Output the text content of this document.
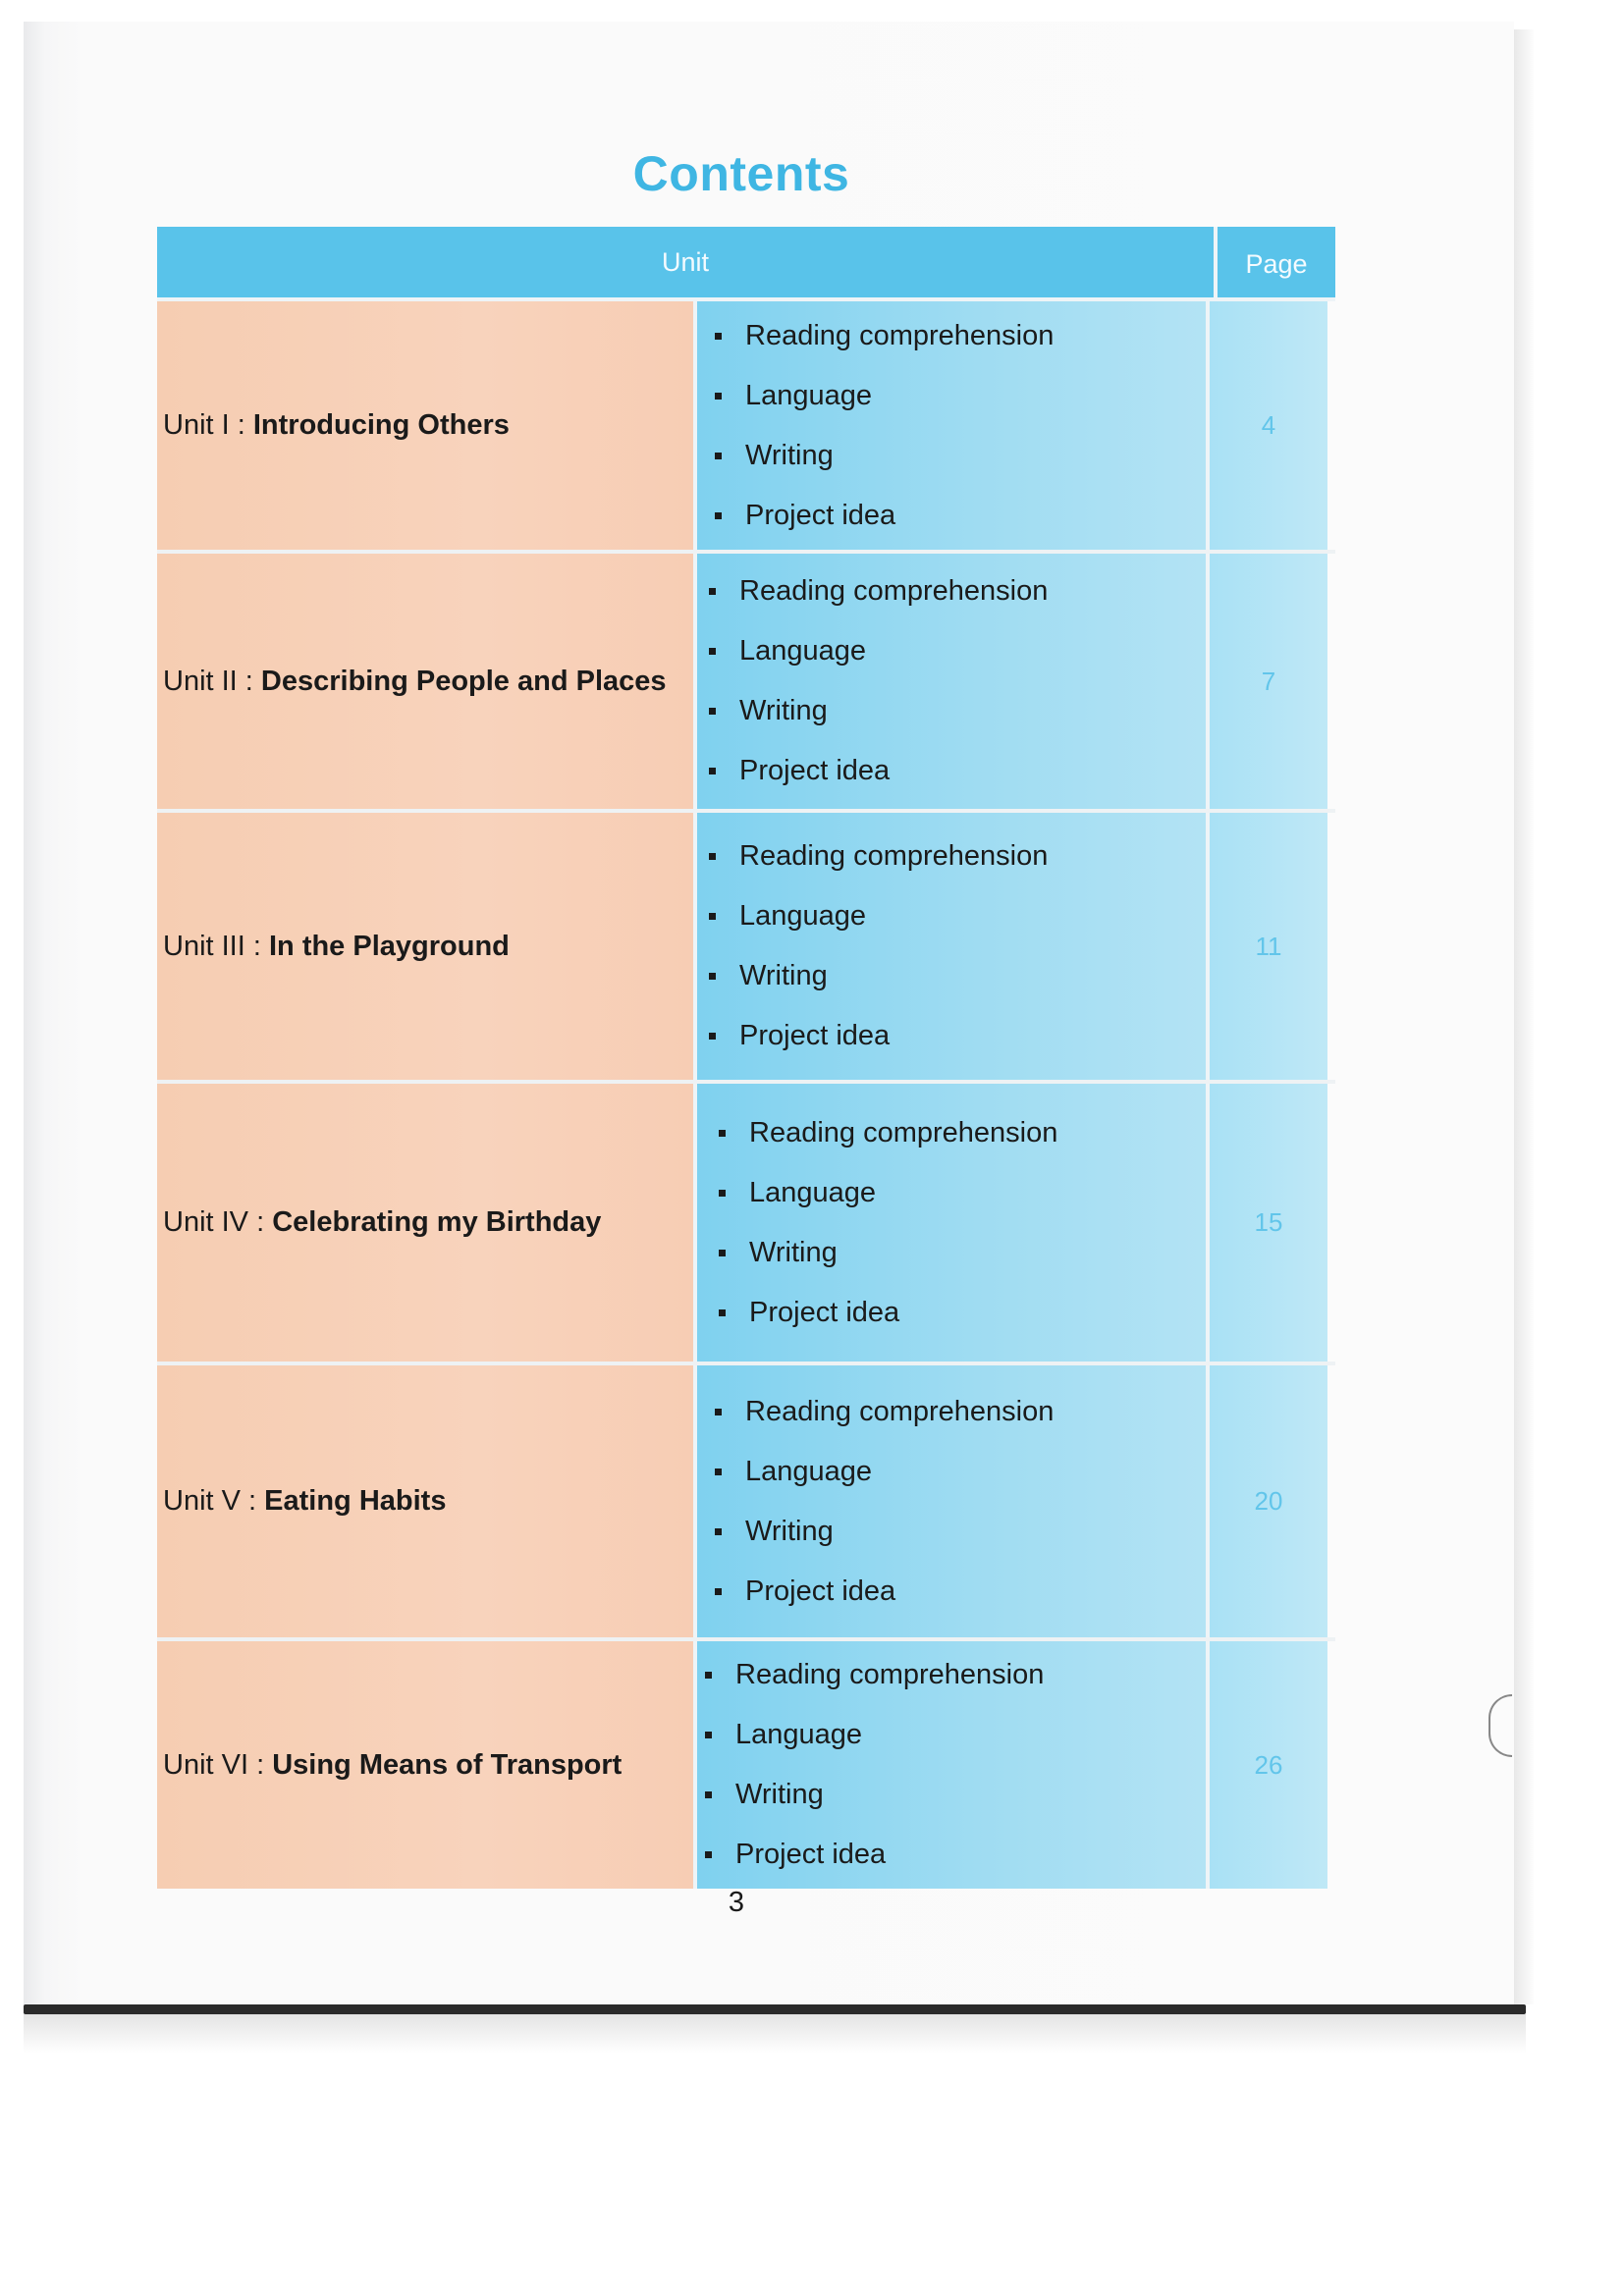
Contents
Unit	Page
Unit I :
Introducing Others
Reading comprehension
Language
Writing
Project idea
4
Unit II :
Describing People and Places
Reading comprehension
Language
Writing
Project idea
7
Unit III :
In the Playground
Reading comprehension
Language
Writing
Project idea
11
Unit IV :
Celebrating my Birthday
Reading comprehension
Language
Writing
Project idea
15
Unit V :
Eating Habits
Reading comprehension
Language
Writing
Project idea
20
Unit VI :
Using Means of Transport
Reading comprehension
Language
Writing
Project idea
26
3
